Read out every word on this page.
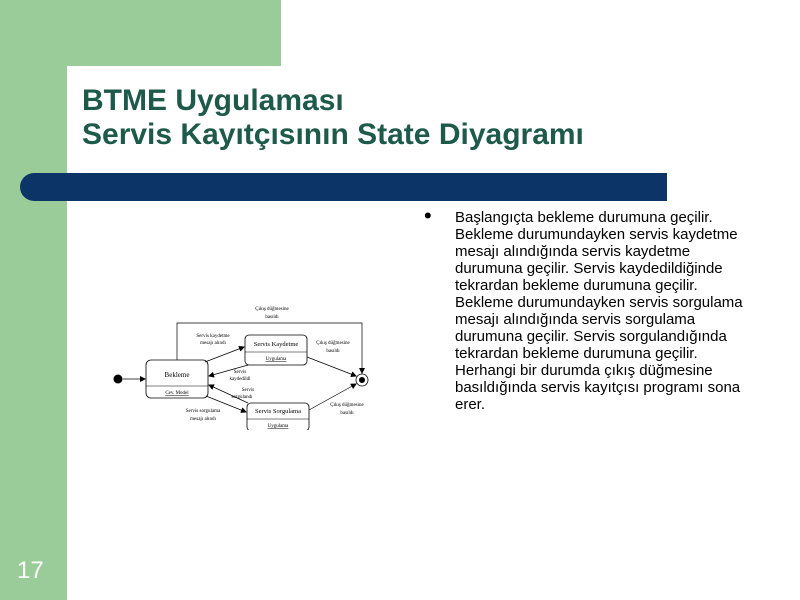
BTME Uygulaması
Servis Kayıtçısının State Diyagramı
Bekleme
Cev. Model
Servis Kaydetme
Uygulama
Servis Sorgulama
Uygulama
Çıkış düğmesine
basıldı
Servis kaydetme
mesajı alındı
Servis
kaydedildi
Servis
sorgulandı
Servis sorgulama
mesajı alındı
Çıkış düğmesine
basıldı
Çıkış düğmesine
basıldı
• Başlangıçta bekleme durumuna geçilir. Bekleme durumundayken servis kaydetme mesajı alındığında servis kaydetme durumuna geçilir. Servis kaydedildiğinde tekrardan bekleme durumuna geçilir. Bekleme durumundayken servis sorgulama mesajı alındığında servis sorgulama durumuna geçilir. Servis sorgulandığında tekrardan bekleme durumuna geçilir. Herhangi bir durumda çıkış düğmesine basıldığında servis kayıtçısı programı sona erer.

17
